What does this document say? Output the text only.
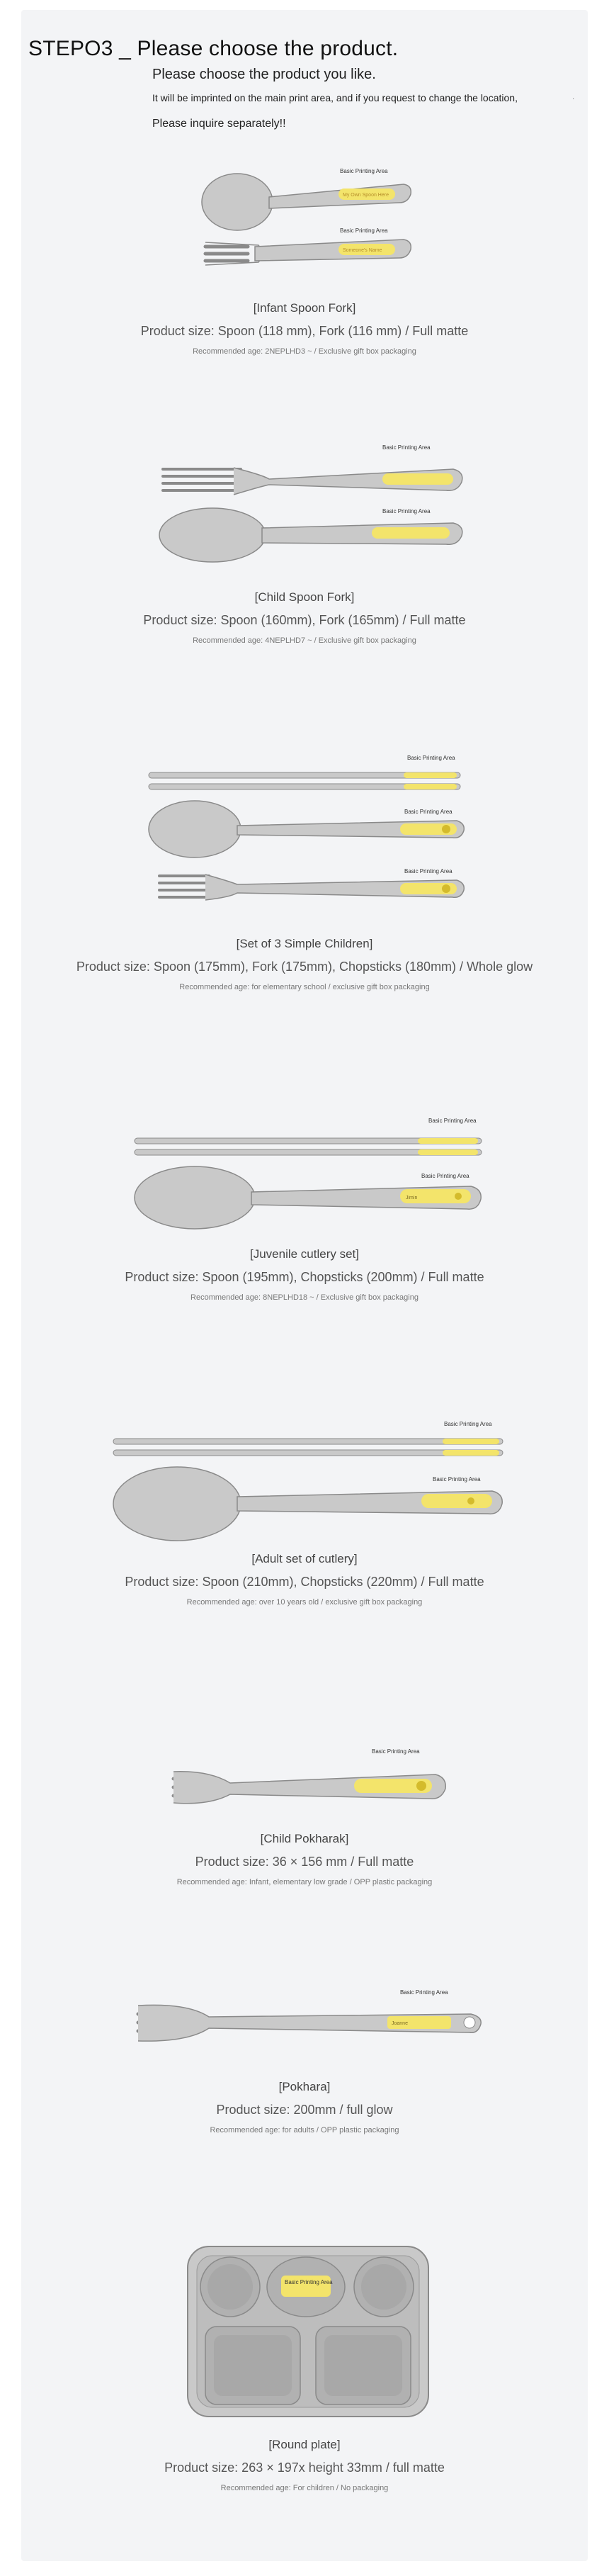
STEPO3 _ Please choose the product.
Please choose the product you like.
It will be imprinted on the main print area, and if you request to change the location,	·
Please inquire separately!!
My Own Spoon Here
Someone's Name
Basic Printing Area
Basic Printing Area
[Infant Spoon Fork]
Product size: Spoon (118 mm), Fork (116 mm) / Full matte
Recommended age: 2NEPLHD3 ~ / Exclusive gift box packaging
Basic Printing Area
Basic Printing Area
[Child Spoon Fork]
Product size: Spoon (160mm), Fork (165mm) / Full matte
Recommended age: 4NEPLHD7 ~ / Exclusive gift box packaging
Basic Printing Area
Basic Printing Area
Basic Printing Area
[Set of 3 Simple Children]
Product size: Spoon (175mm), Fork (175mm), Chopsticks (180mm) / Whole glow
Recommended age: for elementary school / exclusive gift box packaging
Jimin
Basic Printing Area
Basic Printing Area
[Juvenile cutlery set]
Product size: Spoon (195mm), Chopsticks (200mm) / Full matte
Recommended age: 8NEPLHD18 ~ / Exclusive gift box packaging
Basic Printing Area
Basic Printing Area
[Adult set of cutlery]
Product size: Spoon (210mm), Chopsticks (220mm) / Full matte
Recommended age: over 10 years old / exclusive gift box packaging
Basic Printing Area
[Child Pokharak]
Product size: 36 × 156 mm / Full matte
Recommended age: Infant, elementary low grade / OPP plastic packaging
Joanne
Basic Printing Area
[Pokhara]
Product size: 200mm / full glow
Recommended age: for adults / OPP plastic packaging
Basic Printing Area
[Round plate]
Product size: 263 × 197x height 33mm / full matte
Recommended age: For children / No packaging
